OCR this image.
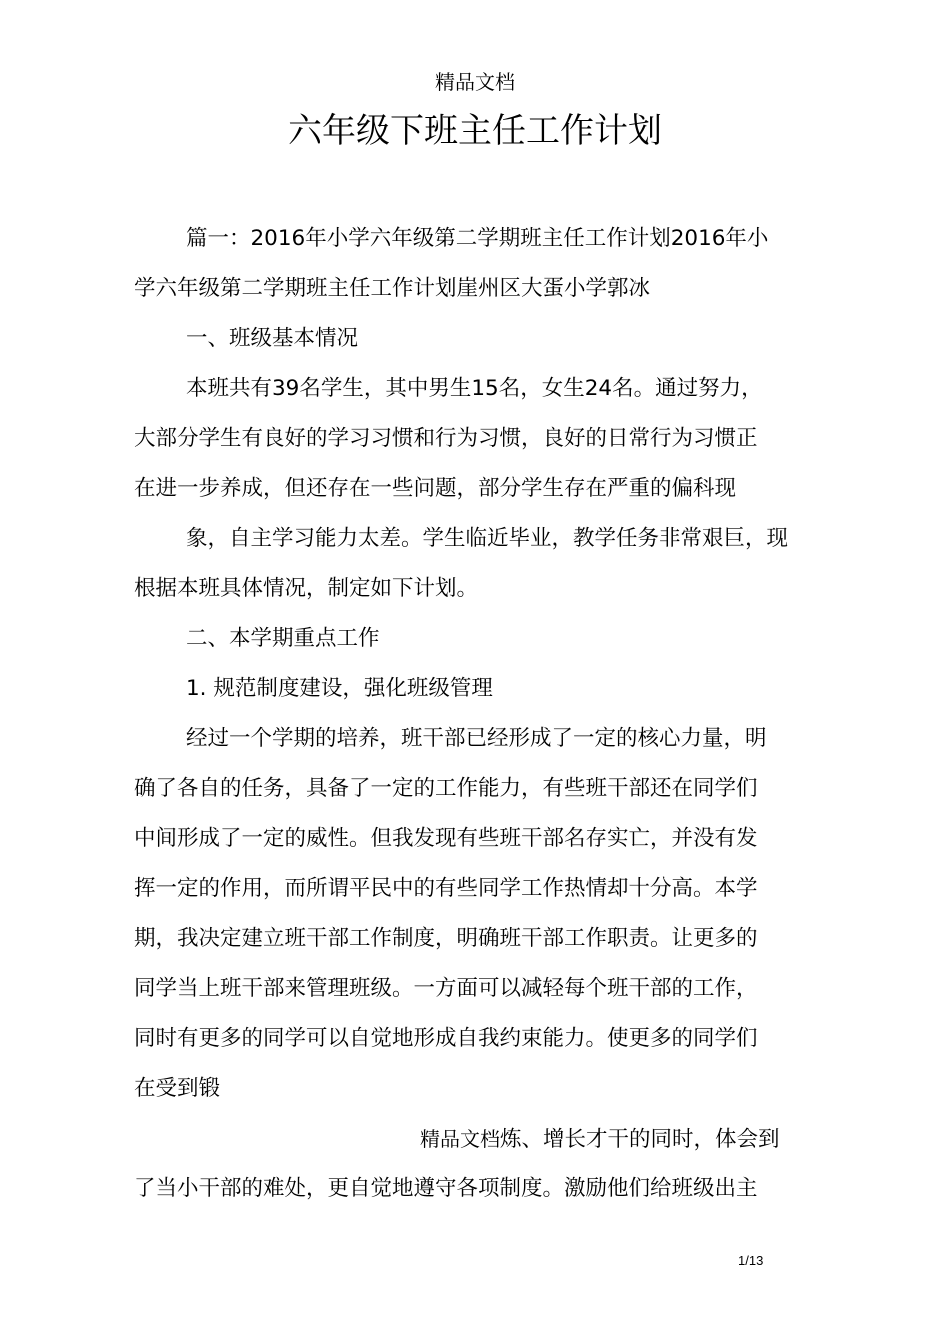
精品文档
六年级下班主任工作计划
篇一：2016年小学六年级第二学期班主任工作计划2016年小
学六年级第二学期班主任工作计划崖州区大蛋小学郭冰
一、班级基本情况
本班共有39名学生，其中男生15名，女生24名。通过努力，
大部分学生有良好的学习习惯和行为习惯，良好的日常行为习惯正
在进一步养成，但还存在一些问题，部分学生存在严重的偏科现
象，自主学习能力太差。学生临近毕业，教学任务非常艰巨，现
根据本班具体情况，制定如下计划。
二、本学期重点工作
1. 规范制度建设，强化班级管理
经过一个学期的培养，班干部已经形成了一定的核心力量，明
确了各自的任务，具备了一定的工作能力，有些班干部还在同学们
中间形成了一定的威性。但我发现有些班干部名存实亡，并没有发
挥一定的作用，而所谓平民中的有些同学工作热情却十分高。本学
期，我决定建立班干部工作制度，明确班干部工作职责。让更多的
同学当上班干部来管理班级。一方面可以减轻每个班干部的工作，
同时有更多的同学可以自觉地形成自我约束能力。使更多的同学们
在受到锻
精品文档炼、增长才干的同时，体会到
了当小干部的难处，更自觉地遵守各项制度。激励他们给班级出主
1/13
